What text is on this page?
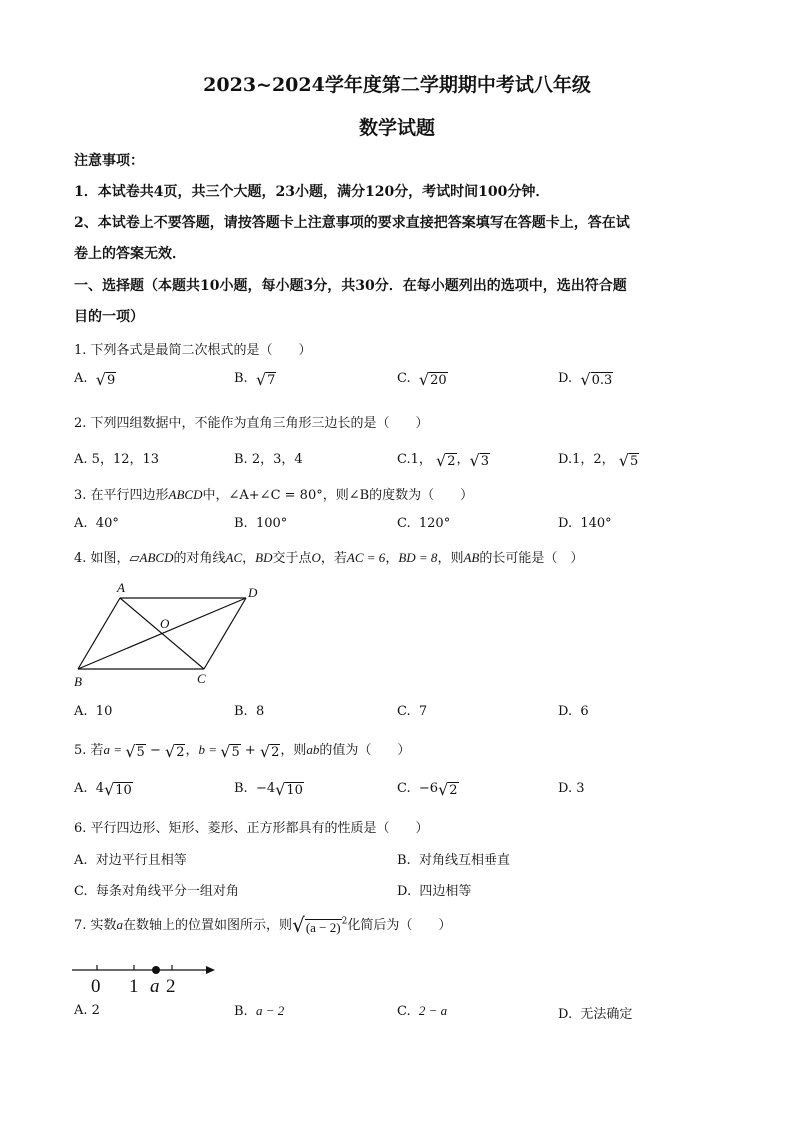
2023~2024学年度第二学期期中考试八年级
数学试题
注意事项：
1．本试卷共4页，共三个大题，23小题，满分120分，考试时间100分钟．
2、本试卷上不要答题，请按答题卡上注意事项的要求直接把答案填写在答题卡上，答在试
卷上的答案无效．
一、选择题（本题共10小题，每小题3分，共30分．在每小题列出的选项中，选出符合题
目的一项）
1. 下列各式是最简二次根式的是（　　）
A. √ 9	B. √ 7	C. √ 20	D. √ 0.3
2. 下列四组数据中，不能作为直角三角形三边长的是（　　）
A. 5，12，13	B. 2，3，4	C.1， √ 2 ， √ 3	D.1，2， √ 5
3. 在平行四边形ABCD中，∠A+∠C = 80°，则∠B的度数为（　　）
A. 40°	B. 100°	C. 120°	D. 140°
4. 如图，▱ABCD的对角线AC，BD交于点O，若AC = 6，BD = 8，则AB的长可能是（　）
A	D
B	C
O
A. 10	B. 8	C. 7	D. 6
5. 若a = √ 5 − √ 2 ，b = √ 5 + √ 2 ，则ab的值为（　　）
A. 4 √ 10	B. −4 √ 10	C. −6 √ 2	D. 3
6. 平行四边形、矩形、菱形、正方形都具有的性质是（　　）
A. 对边平行且相等	B. 对角线互相垂直
C. 每条对角线平分一组对角	D. 四边相等
7. 实数a在数轴上的位置如图所示，则 √ (a − 2) $^2$化简后为（　　）
0 1 a 2
A. 2	B. a − 2	C. 2 − a	D. 无法确定
